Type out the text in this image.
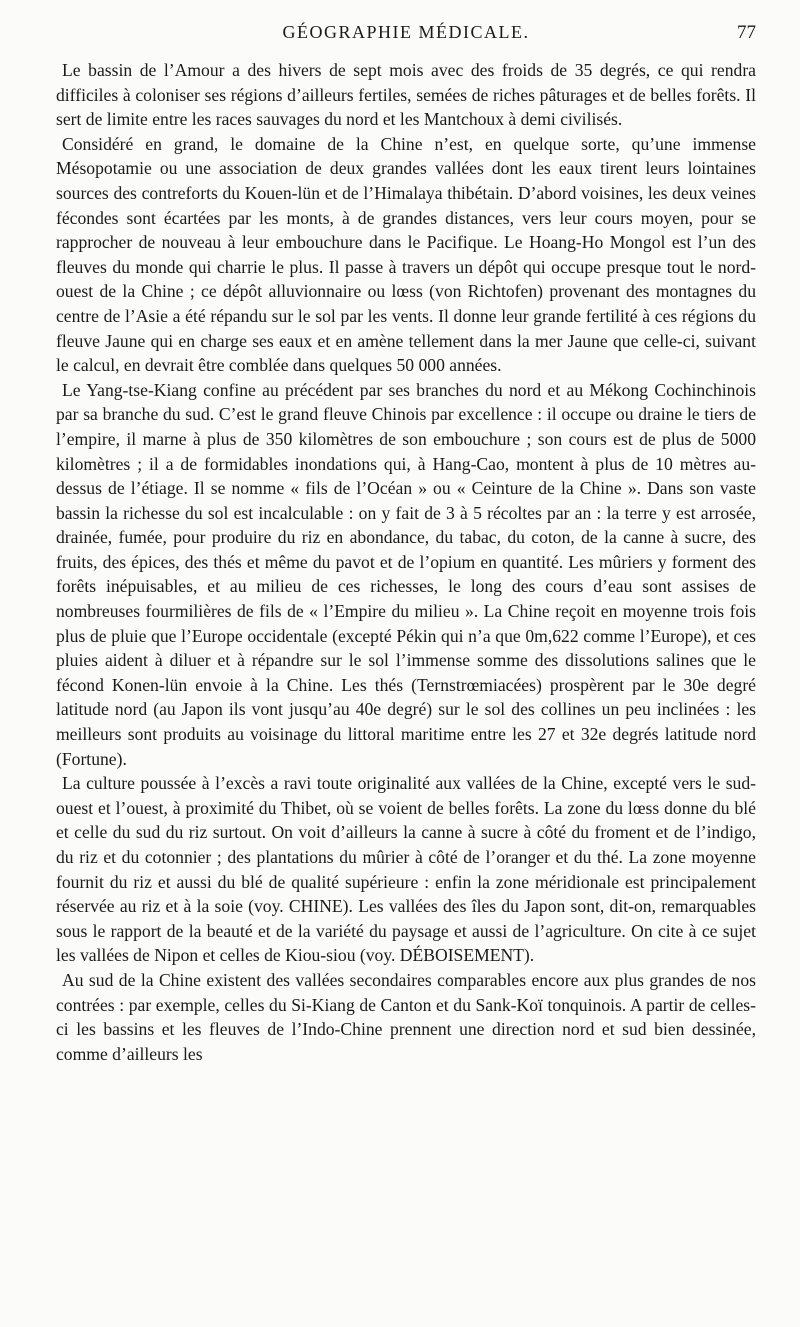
GÉOGRAPHIE MÉDICALE.	77

Le bassin de l’Amour a des hivers de sept mois avec des froids de 35 degrés, ce qui rendra difficiles à coloniser ses régions d’ailleurs fertiles, semées de riches pâturages et de belles forêts. Il sert de limite entre les races sauvages du nord et les Mantchoux à demi civilisés.

Considéré en grand, le domaine de la Chine n’est, en quelque sorte, qu’une immense Mésopotamie ou une association de deux grandes vallées dont les eaux tirent leurs lointaines sources des contreforts du Kouen-lün et de l’Himalaya thibétain. D’abord voisines, les deux veines fécondes sont écartées par les monts, à de grandes distances, vers leur cours moyen, pour se rapprocher de nouveau à leur embouchure dans le Pacifique. Le Hoang-Ho Mongol est l’un des fleuves du monde qui charrie le plus. Il passe à travers un dépôt qui occupe presque tout le nord-ouest de la Chine ; ce dépôt alluvionnaire ou lœss (von Richtofen) provenant des montagnes du centre de l’Asie a été répandu sur le sol par les vents. Il donne leur grande fertilité à ces régions du fleuve Jaune qui en charge ses eaux et en amène tellement dans la mer Jaune que celle-ci, suivant le calcul, en devrait être comblée dans quelques 50 000 années.

Le Yang-tse-Kiang confine au précédent par ses branches du nord et au Mékong Cochinchinois par sa branche du sud. C’est le grand fleuve Chinois par excellence : il occupe ou draine le tiers de l’empire, il marne à plus de 350 kilomètres de son embouchure ; son cours est de plus de 5000 kilomètres ; il a de formidables inondations qui, à Hang-Cao, montent à plus de 10 mètres au-dessus de l’étiage. Il se nomme « fils de l’Océan » ou « Ceinture de la Chine ». Dans son vaste bassin la richesse du sol est incalculable : on y fait de 3 à 5 récoltes par an : la terre y est arrosée, drainée, fumée, pour produire du riz en abondance, du tabac, du coton, de la canne à sucre, des fruits, des épices, des thés et même du pavot et de l’opium en quantité. Les mûriers y forment des forêts inépuisables, et au milieu de ces richesses, le long des cours d’eau sont assises de nombreuses fourmilières de fils de « l’Empire du milieu ». La Chine reçoit en moyenne trois fois plus de pluie que l’Europe occidentale (excepté Pékin qui n’a que 0m,622 comme l’Europe), et ces pluies aident à diluer et à répandre sur le sol l’immense somme des dissolutions salines que le fécond Konen-lün envoie à la Chine. Les thés (Ternstrœmiacées) prospèrent par le 30e degré latitude nord (au Japon ils vont jusqu’au 40e degré) sur le sol des collines un peu inclinées : les meilleurs sont produits au voisinage du littoral maritime entre les 27 et 32e degrés latitude nord (Fortune).

La culture poussée à l’excès a ravi toute originalité aux vallées de la Chine, excepté vers le sud-ouest et l’ouest, à proximité du Thibet, où se voient de belles forêts. La zone du lœss donne du blé et celle du sud du riz surtout. On voit d’ailleurs la canne à sucre à côté du froment et de l’indigo, du riz et du cotonnier ; des plantations du mûrier à côté de l’oranger et du thé. La zone moyenne fournit du riz et aussi du blé de qualité supérieure : enfin la zone méridionale est principalement réservée au riz et à la soie (voy. CHINE). Les vallées des îles du Japon sont, dit-on, remarquables sous le rapport de la beauté et de la variété du paysage et aussi de l’agriculture. On cite à ce sujet les vallées de Nipon et celles de Kiou-siou (voy. DÉBOISEMENT).

Au sud de la Chine existent des vallées secondaires comparables encore aux plus grandes de nos contrées : par exemple, celles du Si-Kiang de Canton et du Sank-Koï tonquinois. A partir de celles-ci les bassins et les fleuves de l’Indo-Chine prennent une direction nord et sud bien dessinée, comme d’ailleurs les
